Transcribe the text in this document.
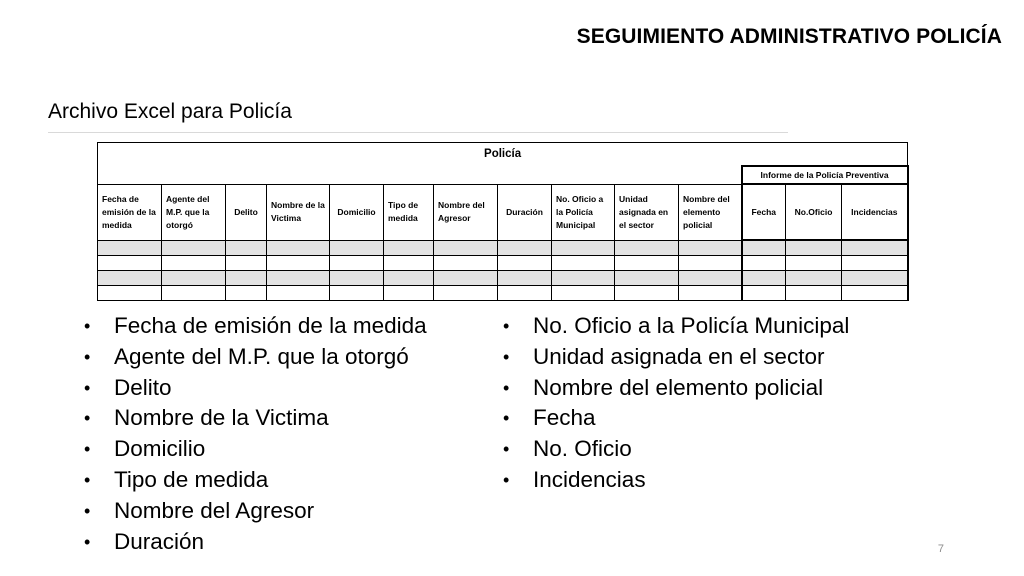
SEGUIMIENTO ADMINISTRATIVO POLICÍA
Archivo Excel para Policía
Policía													
											Informe de la Policía Preventiva		
Fecha de emisión de la medida	Agente del M.P. que la otorgó	Delito	Nombre de la Victima	Domicilio	Tipo de medida	Nombre del Agresor	Duración	No. Oficio a la Policía Municipal	Unidad asignada en el sector	Nombre del elemento policial	Fecha	No.Oficio	Incidencias

• Fecha de emisión de la medida
• Agente del M.P. que la otorgó
• Delito
• Nombre de la Victima
• Domicilio
• Tipo de medida
• Nombre del Agresor
• Duración
• No. Oficio a la Policía Municipal
• Unidad asignada en el sector
• Nombre del elemento policial
• Fecha
• No. Oficio
• Incidencias
7
